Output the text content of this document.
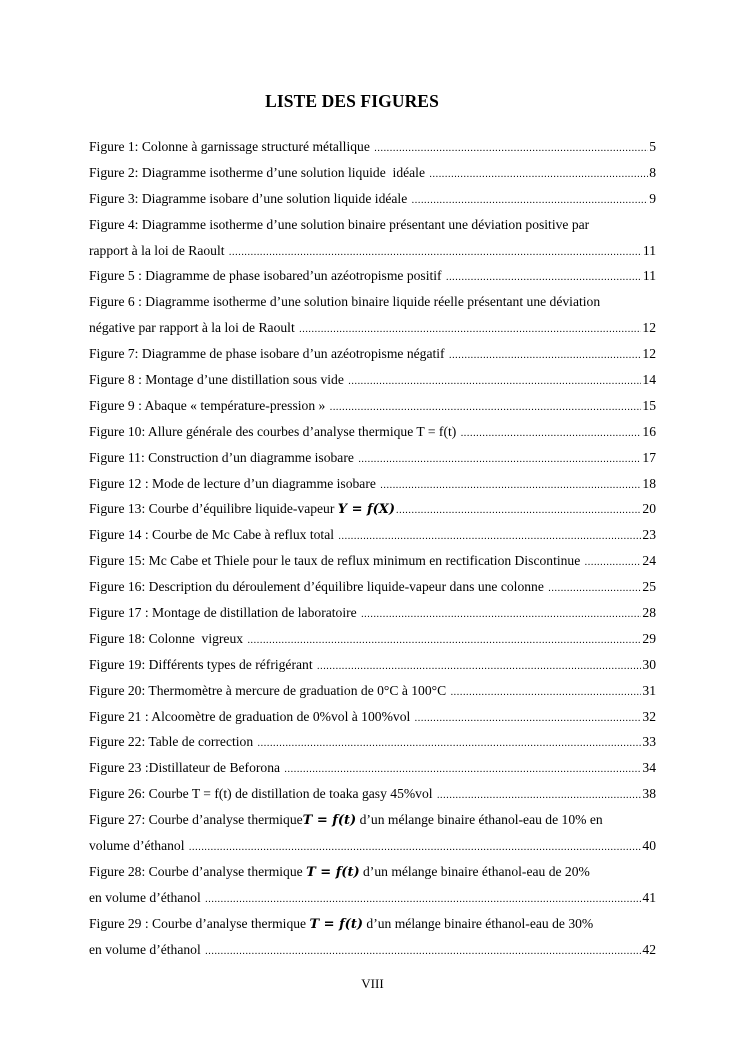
LISTE DES FIGURES
Figure 1: Colonne à garnissage structuré métallique .....	5
Figure 2: Diagramme isotherme d’une solution liquide  idéale .....	8
Figure 3: Diagramme isobare d’une solution liquide idéale .....	9
Figure 4: Diagramme isotherme d’une solution binaire présentant une déviation positive par
rapport à la loi de Raoult .....	11
Figure 5 : Diagramme de phase isobared’un azéotropisme positif .....	11
Figure 6 : Diagramme isotherme d’une solution binaire liquide réelle présentant une déviation
négative par rapport à la loi de Raoult .....	12
Figure 7: Diagramme de phase isobare d’un azéotropisme négatif .....	12
Figure 8 : Montage d’une distillation sous vide .....	14
Figure 9 : Abaque « température-pression » .....	15
Figure 10: Allure générale des courbes d’analyse thermique T = f(t) .....	16
Figure 11: Construction d’un diagramme isobare .....	17
Figure 12 : Mode de lecture d’un diagramme isobare .....	18
Figure 13: Courbe d’équilibre liquide-vapeur Y = f(X) .....	20
Figure 14 : Courbe de Mc Cabe à reflux total .....	23
Figure 15: Mc Cabe et Thiele pour le taux de reflux minimum en rectification Discontinue .....	24
Figure 16: Description du déroulement d’équilibre liquide-vapeur dans une colonne .....	25
Figure 17 : Montage de distillation de laboratoire .....	28
Figure 18: Colonne  vigreux .....	29
Figure 19: Différents types de réfrigérant .....	30
Figure 20: Thermomètre à mercure de graduation de 0°C à 100°C .....	31
Figure 21 : Alcoomètre de graduation de 0%vol à 100%vol .....	32
Figure 22: Table de correction .....	33
Figure 23 :Distillateur de Beforona .....	34
Figure 26: Courbe T = f(t) de distillation de toaka gasy 45%vol .....	38
Figure 27: Courbe d’analyse thermiqueT = f(t) d’un mélange binaire éthanol-eau de 10% en
volume d’éthanol .....	40
Figure 28: Courbe d’analyse thermique T = f(t) d’un mélange binaire éthanol-eau de 20%
en volume d’éthanol .....	41
Figure 29 : Courbe d’analyse thermique T = f(t) d’un mélange binaire éthanol-eau de 30%
en volume d’éthanol .....	42
VIII
